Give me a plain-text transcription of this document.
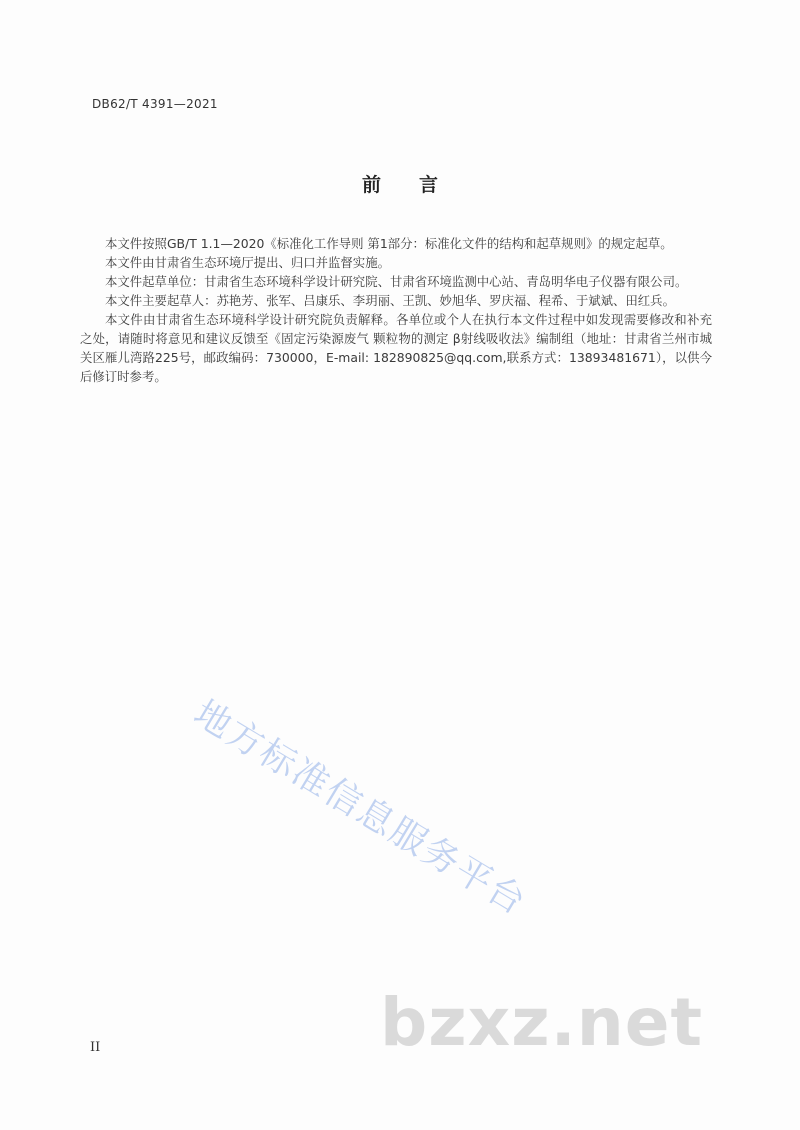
DB62/T 4391—2021
前 言

本文件按照GB/T 1.1—2020《标准化工作导则 第1部分：标准化文件的结构和起草规则》的规定起草。

本文件由甘肃省生态环境厅提出、归口并监督实施。

本文件起草单位：甘肃省生态环境科学设计研究院、甘肃省环境监测中心站、青岛明华电子仪器有限公司。

本文件主要起草人：苏艳芳、张军、吕康乐、李玥丽、王凯、妙旭华、罗庆福、程希、于斌斌、田红兵。

本文件由甘肃省生态环境科学设计研究院负责解释。各单位或个人在执行本文件过程中如发现需要修改和补充之处，请随时将意见和建议反馈至《固定污染源废气 颗粒物的测定 β射线吸收法》编制组（地址：甘肃省兰州市城关区雁儿湾路225号，邮政编码：730000，E-mail: 182890825@qq.com,联系方式：13893481671），以供今后修订时参考。

地方标准信息服务平台
bzxz.net
II
